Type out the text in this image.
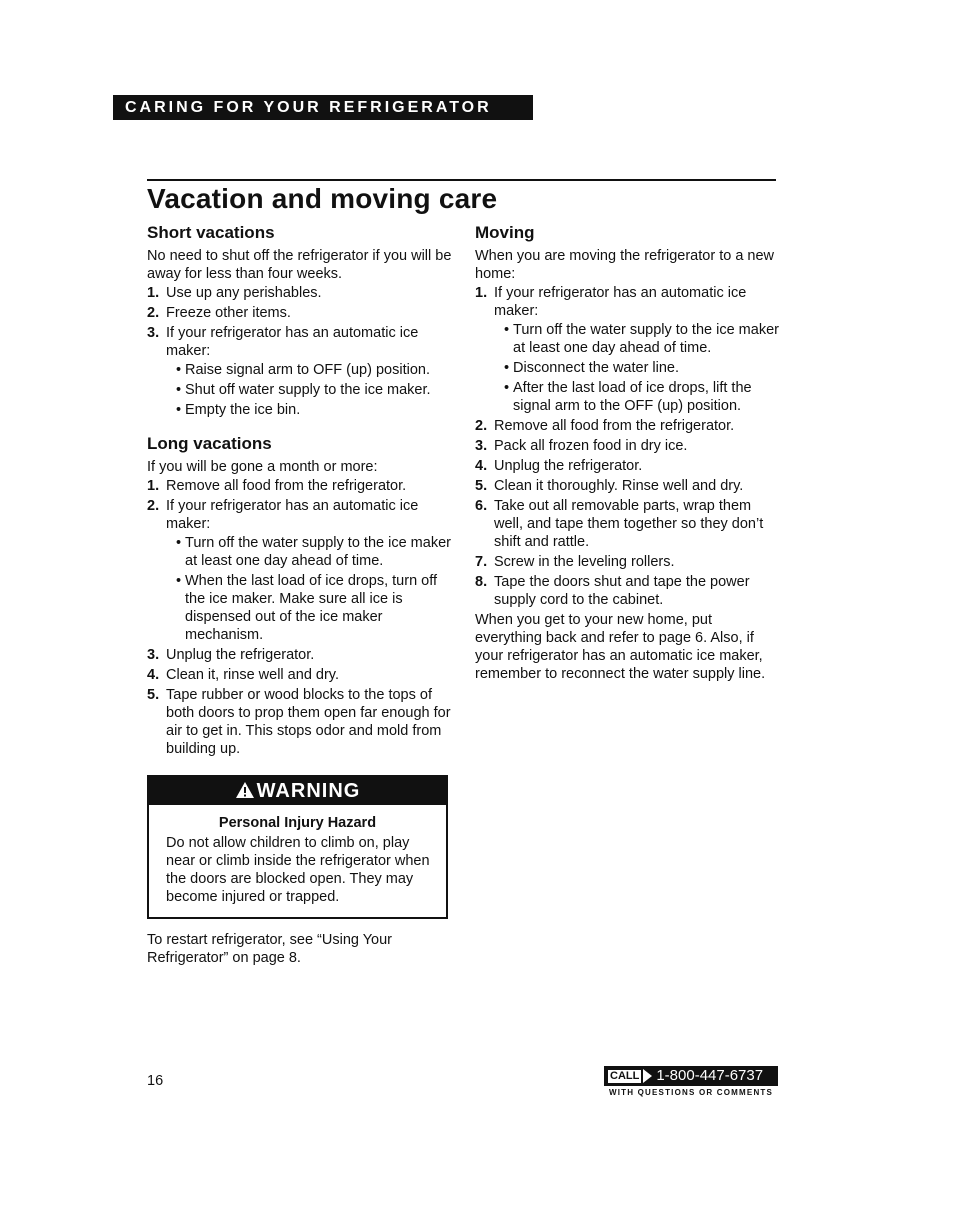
CARING FOR YOUR REFRIGERATOR
Vacation and moving care
Short vacations

No need to shut off the refrigerator if you will be away for less than four weeks.

1. Use up any perishables.
2. Freeze other items.
3. If your refrigerator has an automatic ice maker:
• Raise signal arm to OFF (up) position.
• Shut off water supply to the ice maker.
• Empty the ice bin.
Long vacations

If you will be gone a month or more:

1. Remove all food from the refrigerator.
2. If your refrigerator has an automatic ice maker:
• Turn off the water supply to the ice maker at least one day ahead of time.
• When the last load of ice drops, turn off the ice maker. Make sure all ice is dispensed out of the ice maker mechanism.
3. Unplug the refrigerator.
4. Clean it, rinse well and dry.
5. Tape rubber or wood blocks to the tops of both doors to prop them open far enough for air to get in. This stops odor and mold from building up.
WARNING
Personal Injury Hazard
Do not allow children to climb on, play near or climb inside the refrigerator when the doors are blocked open. They may become injured or trapped.

To restart refrigerator, see “Using Your Refrigerator” on page 8.

Moving

When you are moving the refrigerator to a new home:

1. If your refrigerator has an automatic ice maker:
• Turn off the water supply to the ice maker at least one day ahead of time.
• Disconnect the water line.
• After the last load of ice drops, lift the signal arm to the OFF (up) position.
2. Remove all food from the refrigerator.
3. Pack all frozen food in dry ice.
4. Unplug the refrigerator.
5. Clean it thoroughly. Rinse well and dry.
6. Take out all removable parts, wrap them well, and tape them together so they don’t shift and rattle.
7. Screw in the leveling rollers.
8. Tape the doors shut and tape the power supply cord to the cabinet.

When you get to your new home, put everything back and refer to page 6. Also, if your refrigerator has an automatic ice maker, remember to reconnect the water supply line.

16	CALL 1-800-447-6737
WITH QUESTIONS OR COMMENTS
